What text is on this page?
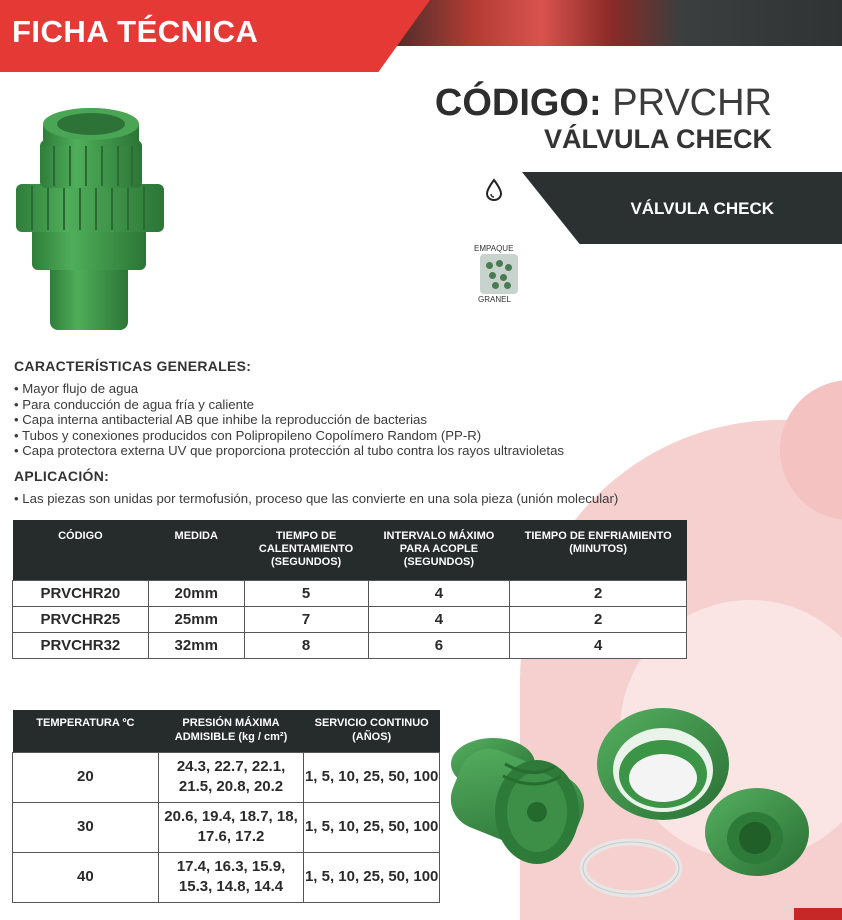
FICHA TÉCNICA
CÓDIGO: PRVCHR
VÁLVULA CHECK
VÁLVULA CHECK
EMPAQUE
GRANEL
CARACTERÍSTICAS GENERALES:
• Mayor flujo de agua
• Para conducción de agua fría y caliente
• Capa interna antibacterial AB que inhibe la reproducción de bacterias
• Tubos y conexiones producidos con Polipropileno Copolímero Random (PP-R)
• Capa protectora externa UV que proporciona protección al tubo contra los rayos ultravioletas
APLICACIÓN:
• Las piezas son unidas por termofusión, proceso que las convierte en una sola pieza (unión molecular)
CÓDIGO	MEDIDA	TIEMPO DE CALENTAMIENTO (SEGUNDOS)	INTERVALO MÁXIMO PARA ACOPLE (SEGUNDOS)	TIEMPO DE ENFRIAMIENTO (MINUTOS)
PRVCHR20	20mm	5	4	2
PRVCHR25	25mm	7	4	2
PRVCHR32	32mm	8	6	4
TEMPERATURA ºC	PRESIÓN MÁXIMA ADMISIBLE (kg / cm²)	SERVICIO CONTINUO (AÑOS)
20	24.3, 22.7, 22.1, 21.5, 20.8, 20.2	1, 5, 10, 25, 50, 100
30	20.6, 19.4, 18.7, 18, 17.6, 17.2	1, 5, 10, 25, 50, 100
40	17.4, 16.3, 15.9, 15.3, 14.8, 14.4	1, 5, 10, 25, 50, 100
